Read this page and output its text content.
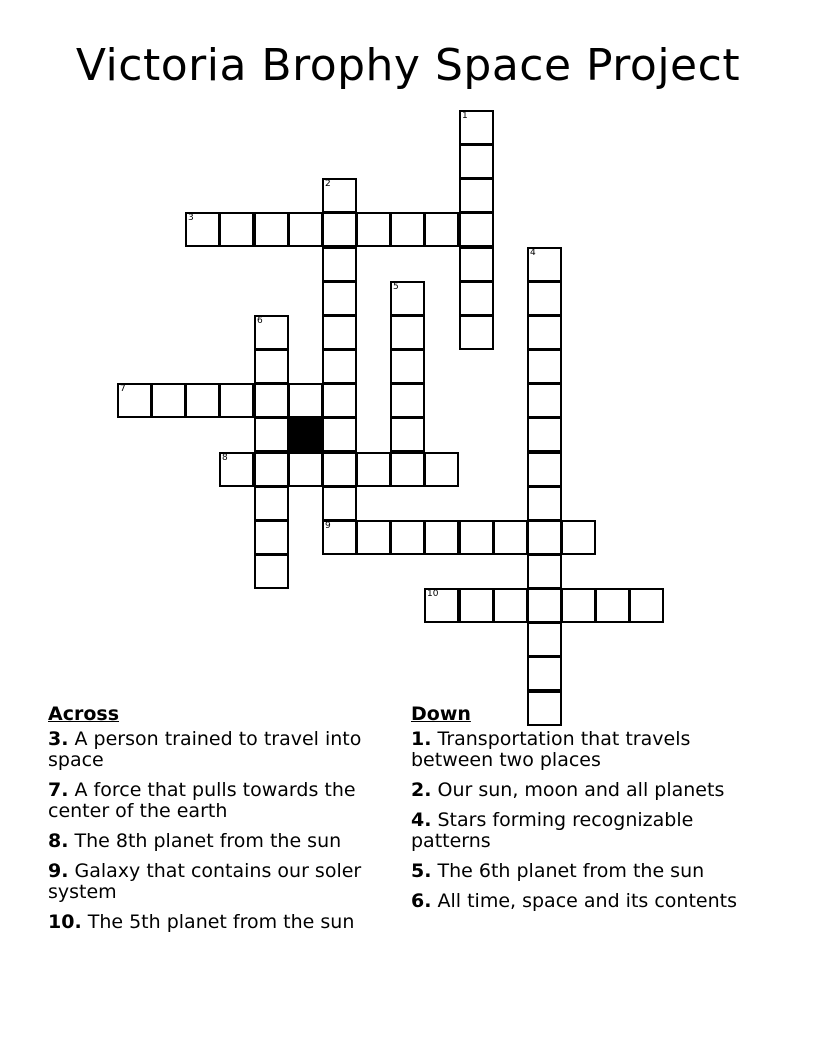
Victoria Brophy Space Project
1
2
9
3
4
5
6
7
8
10
Across
3. A person trained to travel into space
7. A force that pulls towards the center of the earth
8. The 8th planet from the sun
9. Galaxy that contains our soler system
10. The 5th planet from the sun
Down
1. Transportation that travels between two places
2. Our sun, moon and all planets
4. Stars forming recognizable patterns
5. The 6th planet from the sun
6. All time, space and its contents
